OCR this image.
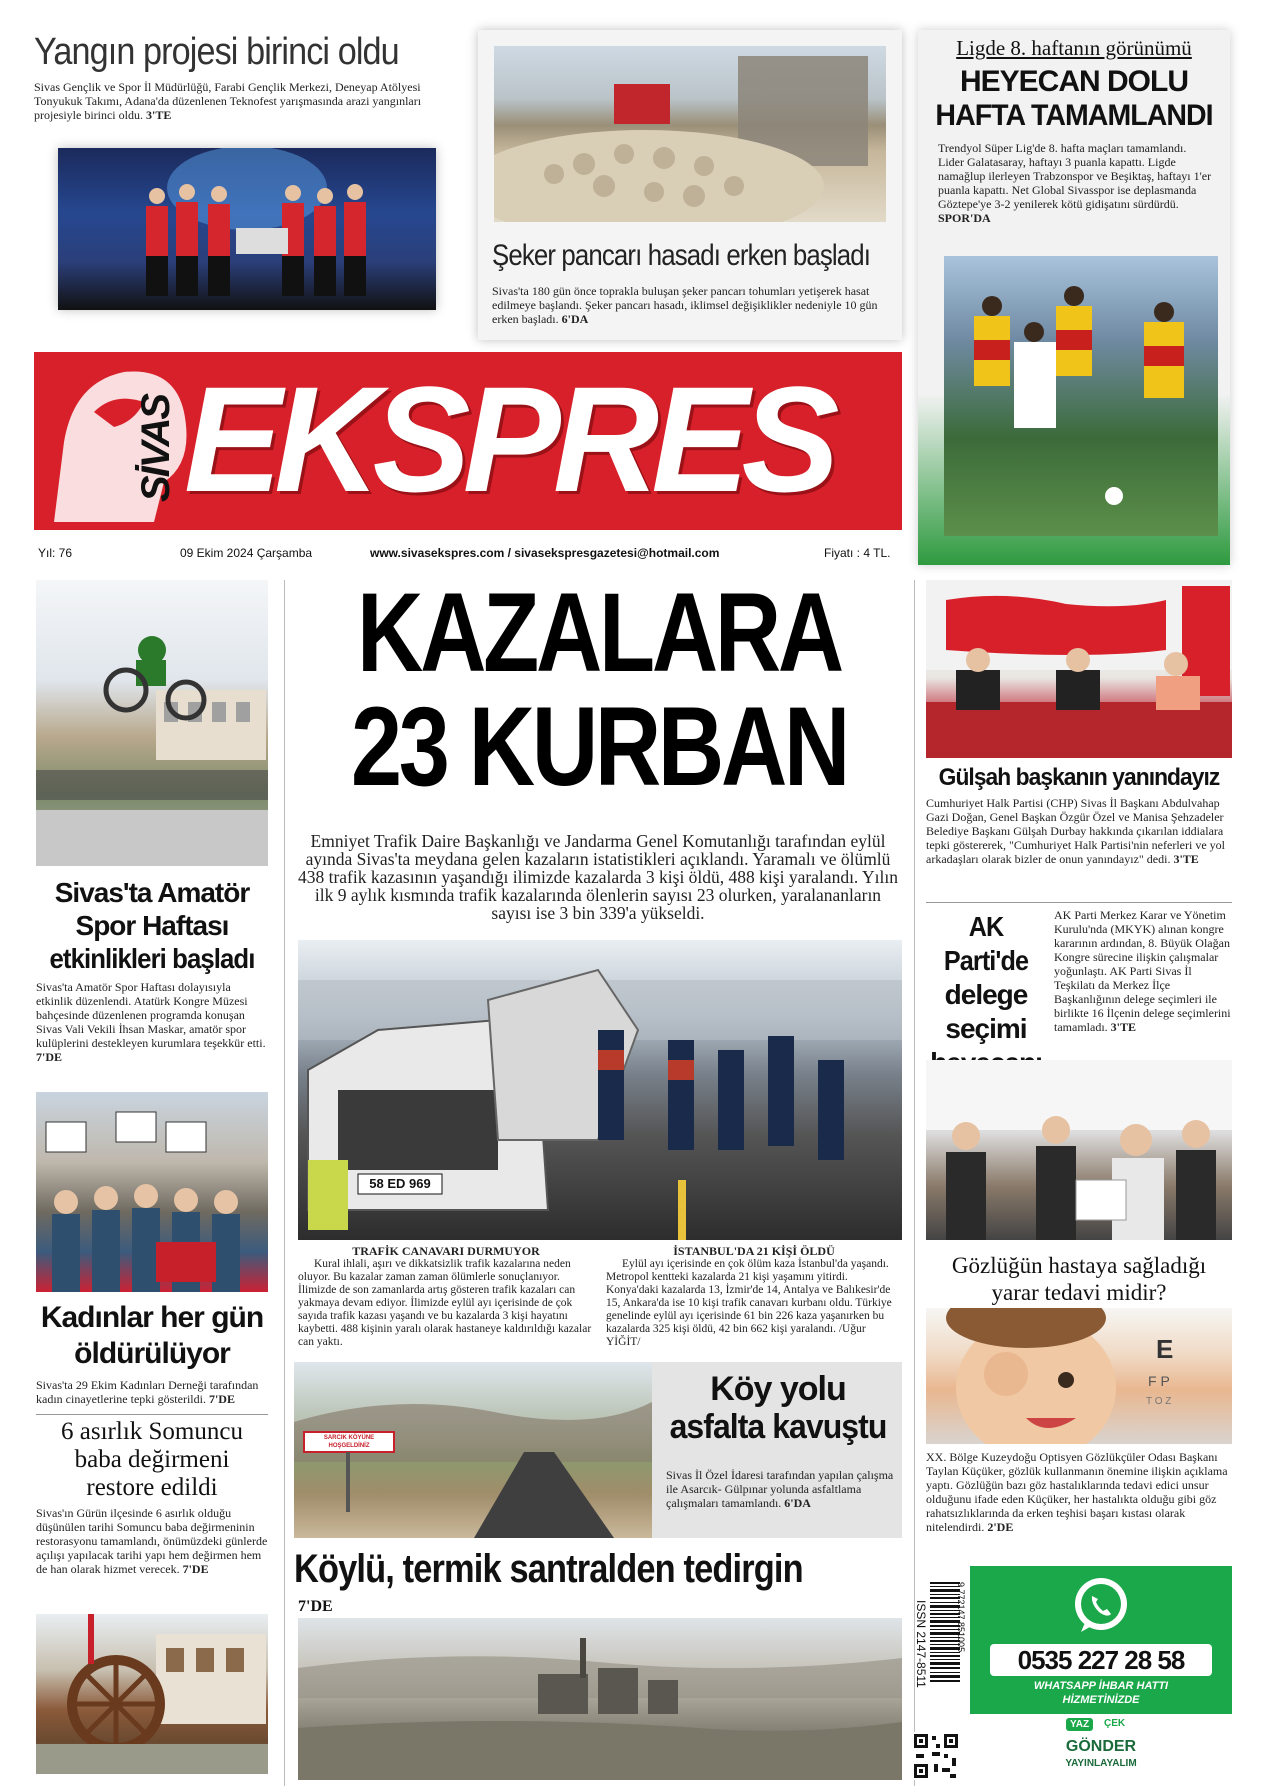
Yangın projesi birinci oldu
Sivas Gençlik ve Spor İl Müdürlüğü, Farabi Gençlik Merkezi, Deneyap Atölyesi Tonyukuk Takımı, Adana'da düzenlenen Teknofest yarışmasında arazi yangınları projesiyle birinci oldu. 3'TE
Şeker pancarı hasadı erken başladı
Sivas'ta 180 gün önce toprakla buluşan şeker pancarı tohumları yetişerek hasat edilmeye başlandı. Şeker pancarı hasadı, iklimsel değişiklikler nedeniyle 10 gün erken başladı. 6'DA
Ligde 8. haftanın görünümü
HEYECAN DOLU
HAFTA TAMAMLANDI
Trendyol Süper Lig'de 8. hafta maçları tamamlandı. Lider Galatasaray, haftayı 3 puanla kapattı. Ligde namağlup ilerleyen Trabzonspor ve Beşiktaş, haftayı 1'er puanla kapattı. Net Global Sivasspor ise deplasmanda Göztepe'ye 3-2 yenilerek kötü gidişatını sürdürdü. SPOR'DA
SİVAS EKSPRES
Yıl: 76	09 Ekim 2024 Çarşamba	www.sivasekspres.com / sivasekspresgazetesi@hotmail.com	Fiyatı : 4 TL.
Sivas'ta Amatör
Spor Haftası
etkinlikleri başladı
Sivas'ta Amatör Spor Haftası dolayısıyla etkinlik düzenlendi. Atatürk Kongre Müzesi bahçesinde düzenlenen programda konuşan Sivas Vali Vekili İhsan Maskar, amatör spor kulüplerini destekleyen kurumlara teşekkür etti. 7'DE
Kadınlar her gün
öldürülüyor
Sivas'ta 29 Ekim Kadınları Derneği tarafından kadın cinayetlerine tepki gösterildi. 7'DE
6 asırlık Somuncu
baba değirmeni
restore edildi
Sivas'ın Gürün ilçesinde 6 asırlık olduğu düşünülen tarihi Somuncu baba değirmeninin restorasyonu tamamlandı, önümüzdeki günlerde açılışı yapılacak tarihi yapı hem değirmen hem de han olarak hizmet verecek. 7'DE
KAZALARA
23 KURBAN
Emniyet Trafik Daire Başkanlığı ve Jandarma Genel Komutanlığı tarafından eylül ayında Sivas'ta meydana gelen kazaların istatistikleri açıklandı. Yaramalı ve ölümlü 438 trafik kazasının yaşandığı ilimizde kazalarda 3 kişi öldü, 488 kişi yaralandı. Yılın ilk 9 aylık kısmında trafik kazalarında ölenlerin sayısı 23 olurken, yaralananların sayısı ise 3 bin 339'a yükseldi.
58 ED 969
TRAFİK CANAVARI DURMUYOR
Kural ihlali, aşırı ve dikkatsizlik trafik kazalarına neden oluyor. Bu kazalar zaman zaman ölümlerle sonuçlanıyor. İlimizde de son zamanlarda artış gösteren trafik kazaları can yakmaya devam ediyor. İlimizde eylül ayı içerisinde de çok sayıda trafik kazası yaşandı ve bu kazalarda 3 kişi hayatını kaybetti. 488 kişinin yaralı olarak hastaneye kaldırıldığı kazalar can yaktı.
İSTANBUL'DA 21 KİŞİ ÖLDÜ
Eylül ayı içerisinde en çok ölüm kaza İstanbul'da yaşandı. Metropol kentteki kazalarda 21 kişi yaşamını yitirdi. Konya'daki kazalarda 13, İzmir'de 14, Antalya ve Balıkesir'de 15, Ankara'da ise 10 kişi trafik canavarı kurbanı oldu. Türkiye genelinde eylül ayı içerisinde 61 bin 226 kaza yaşanırken bu kazalarda 325 kişi öldü, 42 bin 662 kişi yaralandı. /Uğur YİĞİT/
SARCIK KÖYÜNE HOŞGELDİNİZ
Köy yolu
asfalta kavuştu
Sivas İl Özel İdaresi tarafından yapılan çalışma ile Asarcık- Gülpınar yolunda asfaltlama çalışmaları tamamlandı. 6'DA
Köylü, termik santralden tedirgin
7'DE
Gülşah başkanın yanındayız
Cumhuriyet Halk Partisi (CHP) Sivas İl Başkanı Abdulvahap Gazi Doğan, Genel Başkan Özgür Özel ve Manisa Şehzadeler Belediye Başkanı Gülşah Durbay hakkında çıkarılan iddialara tepki göstererek, "Cumhuriyet Halk Partisi'nin neferleri ve yol arkadaşları olarak bizler de onun yanındayız" dedi. 3'TE
AK Parti'de
delege
seçimi
AK Parti Merkez Karar ve Yönetim Kurulu'nda (MKYK) alınan kongre kararının ardından, 8. Büyük Olağan Kongre sürecine ilişkin çalışmalar yoğunlaştı. AK Parti Sivas İl Teşkilatı da Merkez İlçe Başkanlığının delege seçimleri ile birlikte 16 İlçenin delege seçimlerini tamamladı. 3'TE
Gözlüğün hastaya sağladığı
yarar tedavi midir?
E
F P
T O Z
XX. Bölge Kuzeydoğu Optisyen Gözlükçüler Odası Başkanı Taylan Küçüker, gözlük kullanmanın önemine ilişkin açıklama yaptı. Gözlüğün bazı göz hastalıklarında tedavi edici unsur olduğunu ifade eden Küçüker, her hastalıkta olduğu gibi göz rahatsızlıklarında da erken teşhisi başarı kıstası olarak nitelendirdi. 2'DE
ISSN 2147-8511	9 772147 851005
0535 227 28 58
WHATSAPP İHBAR HATTI
HİZMETİNİZDE
YAZ	ÇEK
GÖNDER
YAYINLAYALIM
